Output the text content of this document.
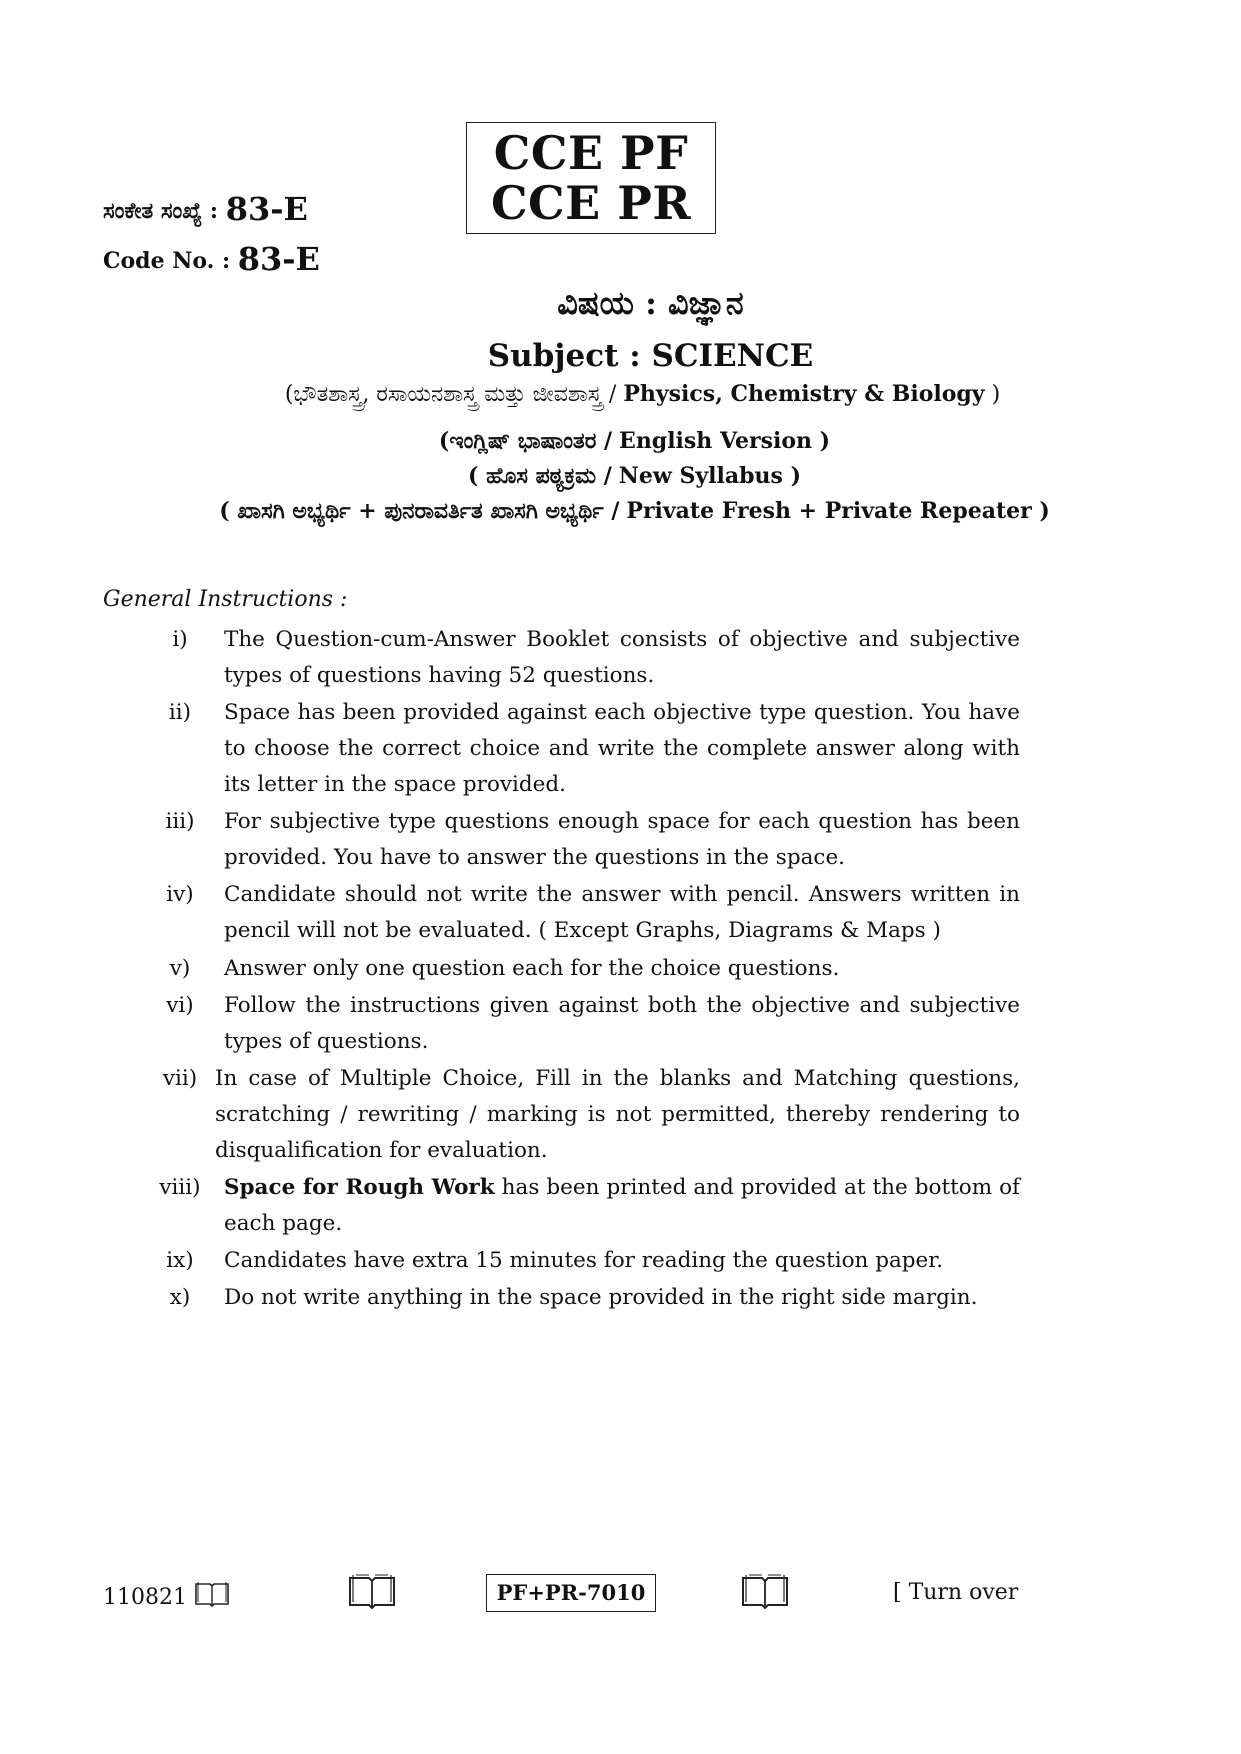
CCE PF
CCE PR
ಸಂಕೇತ ಸಂಖ್ಯೆ : 83-E
Code No. : 83-E
ವಿಷಯ : ವಿಜ್ಞಾನ
Subject : SCIENCE
(ಭೌತಶಾಸ್ತ್ರ, ರಸಾಯನಶಾಸ್ತ್ರ ಮತ್ತು ಜೀವಶಾಸ್ತ್ರ / Physics, Chemistry & Biology )
(ಇಂಗ್ಲಿಷ್ ಭಾಷಾಂತರ / English Version )
( ಹೊಸ ಪಠ್ಯಕ್ರಮ / New Syllabus )
( ಖಾಸಗಿ ಅಭ್ಯರ್ಥಿ + ಪುನರಾವರ್ತಿತ ಖಾಸಗಿ ಅಭ್ಯರ್ಥಿ / Private Fresh + Private Repeater )
General Instructions :
i)	The Question-cum-Answer Booklet consists of objective and subjective types of questions having 52 questions.
ii)	Space has been provided against each objective type question. You have to choose the correct choice and write the complete answer along with its letter in the space provided.
iii)	For subjective type questions enough space for each question has been provided. You have to answer the questions in the space.
iv)	Candidate should not write the answer with pencil. Answers written in pencil will not be evaluated. ( Except Graphs, Diagrams & Maps )
v)	Answer only one question each for the choice questions.
vi)	Follow the instructions given against both the objective and subjective types of questions.
vii) In case of Multiple Choice, Fill in the blanks and Matching questions, scratching / rewriting / marking is not permitted, thereby rendering to disqualification for evaluation.
viii)	Space for Rough Work has been printed and provided at the bottom of each page.
ix)	Candidates have extra 15 minutes for reading the question paper.
x)	Do not write anything in the space provided in the right side margin.
110821	PF+PR-7010	[ Turn over
